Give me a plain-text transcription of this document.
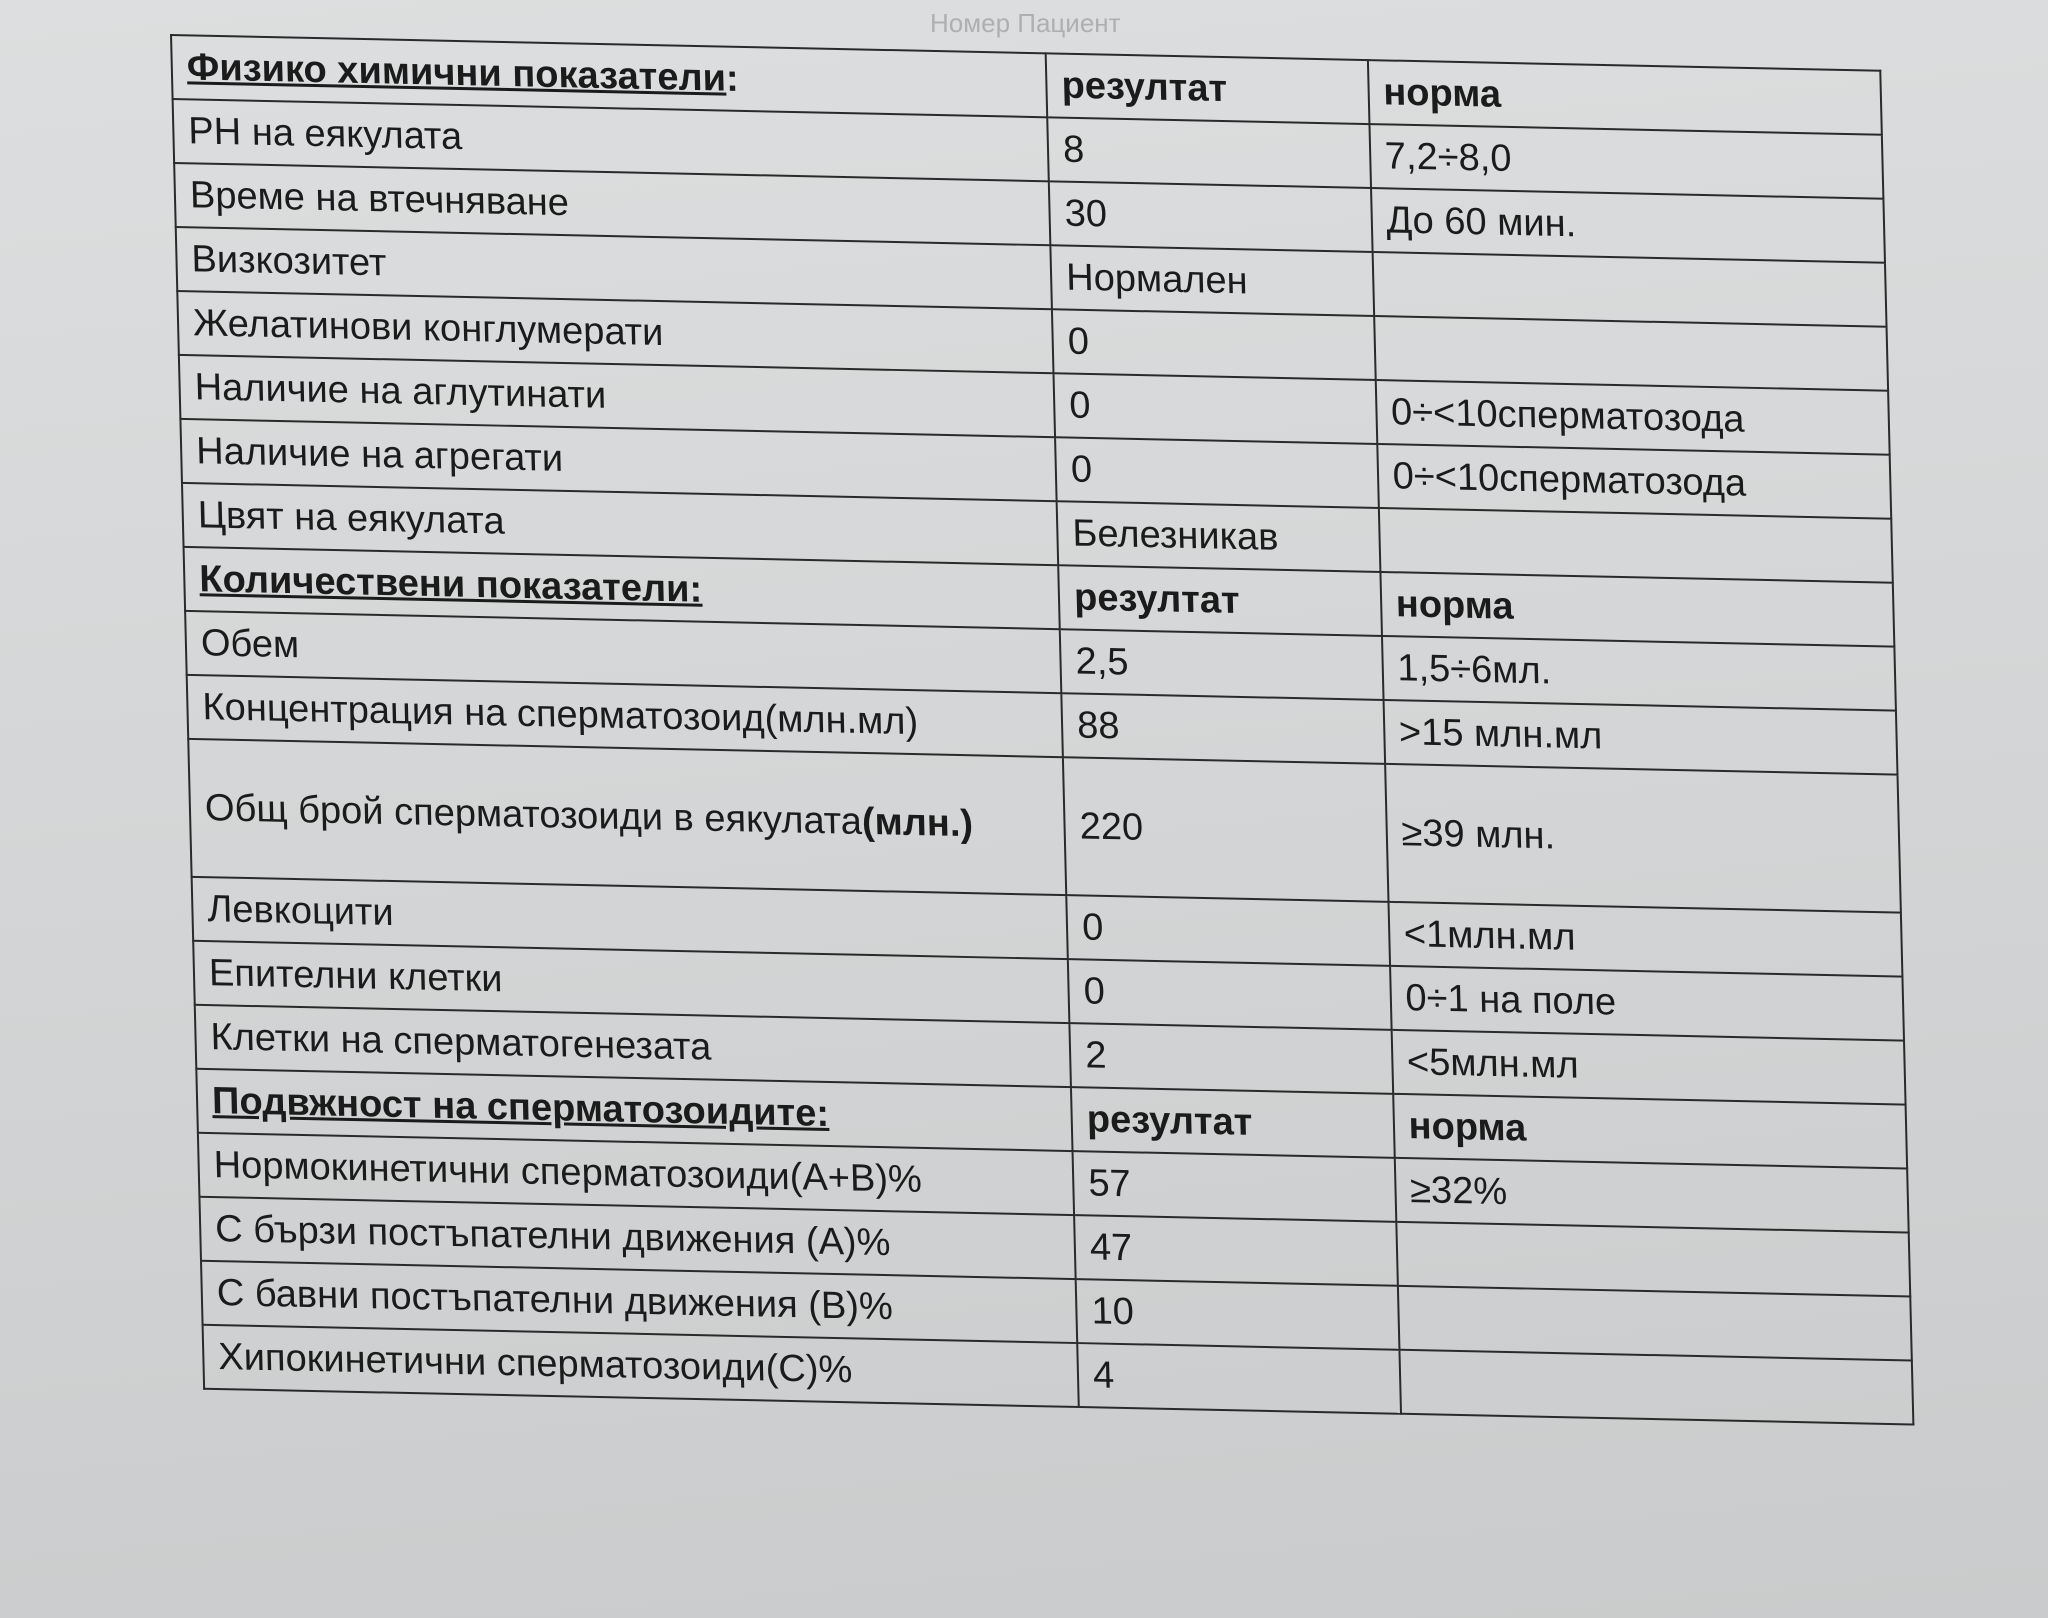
Номер Пациент
Физико химични показатели:	резултат	норма
РН на еякулата	8	7,2÷8,0
Време на втечняване	30	До 60 мин.
Визкозитет	Нормален	
Желатинови конглумерати	0	
Наличие на аглутинати	0	0÷<10сперматозода
Наличие на агрегати	0	0÷<10сперматозода
Цвят на еякулата	Белезникав	
Количествени показатели:	резултат	норма
Обем	2,5	1,5÷6мл.
Концентрация на сперматозоид(млн.мл)	88	>15 млн.мл
Общ брой сперматозоиди в еякулата(млн.)	220	≥39 млн.
Левкоцити	0	<1млн.мл
Епителни клетки	0	0÷1 на поле
Клетки на сперматогенезата	2	<5млн.мл
Подвжност на сперматозоидите:	резултат	норма
Нормокинетични сперматозоиди(А+В)%	57	≥32%
С бързи постъпателни движения (А)%	47	
С бавни постъпателни движения (В)%	10	
Хипокинетични сперматозоиди(С)%	4	
